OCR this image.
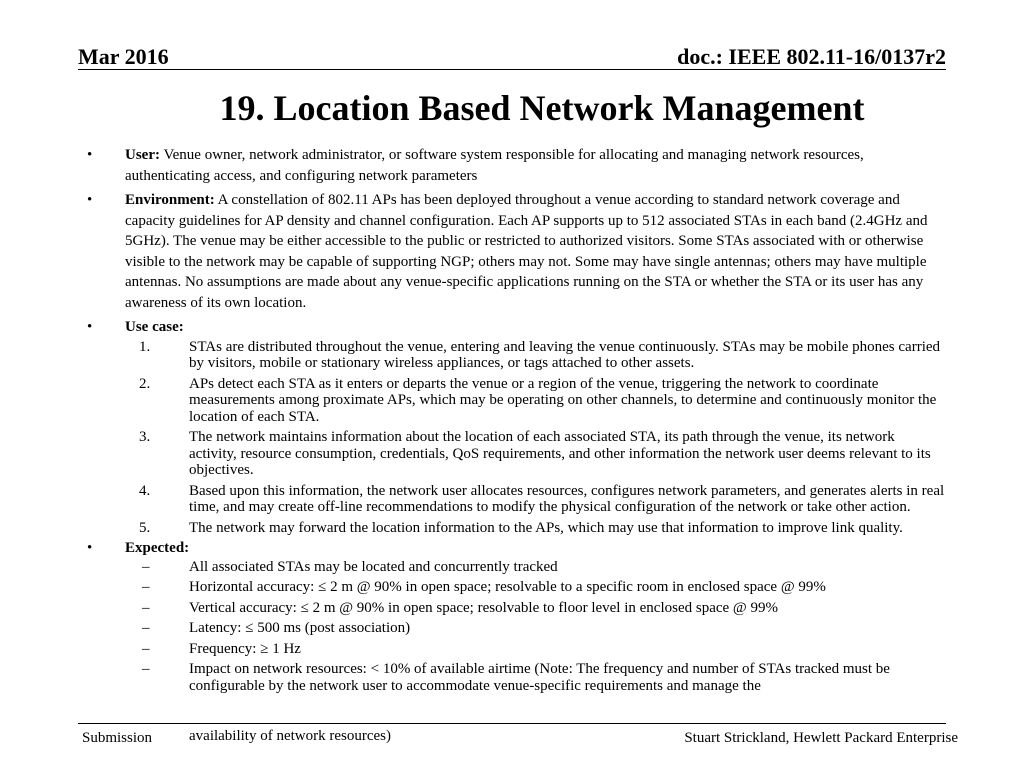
Mar 2016	doc.: IEEE 802.11-16/0137r2
19. Location Based Network Management
•	User: Venue owner, network administrator, or software system responsible for allocating and managing network resources, authenticating access, and configuring network parameters
•	Environment: A constellation of 802.11 APs has been deployed throughout a venue according to standard network coverage and capacity guidelines for AP density and channel configuration. Each AP supports up to 512 associated STAs in each band (2.4GHz and 5GHz). The venue may be either accessible to the public or restricted to authorized visitors. Some STAs associated with or otherwise visible to the network may be capable of supporting NGP; others may not. Some may have single antennas; others may have multiple antennas. No assumptions are made about any venue-specific applications running on the STA or whether the STA or its user has any awareness of its own location.
•	Use case:
1.	STAs are distributed throughout the venue, entering and leaving the venue continuously. STAs may be mobile phones carried by visitors, mobile or stationary wireless appliances, or tags attached to other assets.
2.	APs detect each STA as it enters or departs the venue or a region of the venue, triggering the network to coordinate measurements among proximate APs, which may be operating on other channels, to determine and continuously monitor the location of each STA.
3.	The network maintains information about the location of each associated STA, its path through the venue, its network activity, resource consumption, credentials, QoS requirements, and other information the network user deems relevant to its objectives.
4.	Based upon this information, the network user allocates resources, configures network parameters, and generates alerts in real time, and may create off-line recommendations to modify the physical configuration of the network or take other action.
5.	The network may forward the location information to the APs, which may use that information to improve link quality.
•	Expected:
–	All associated STAs may be located and concurrently tracked
–	Horizontal accuracy: ≤ 2 m @ 90% in open space; resolvable to a specific room in enclosed space @ 99%
–	Vertical accuracy: ≤ 2 m @ 90% in open space; resolvable to floor level in enclosed space @ 99%
–	Latency: ≤ 500 ms (post association)
–	Frequency: ≥ 1 Hz
–	Impact on network resources: < 10% of available airtime (Note: The frequency and number of STAs tracked must be configurable by the network user to accommodate venue-specific requirements and manage the
availability of network resources)
Submission	Stuart Strickland, Hewlett Packard Enterprise
